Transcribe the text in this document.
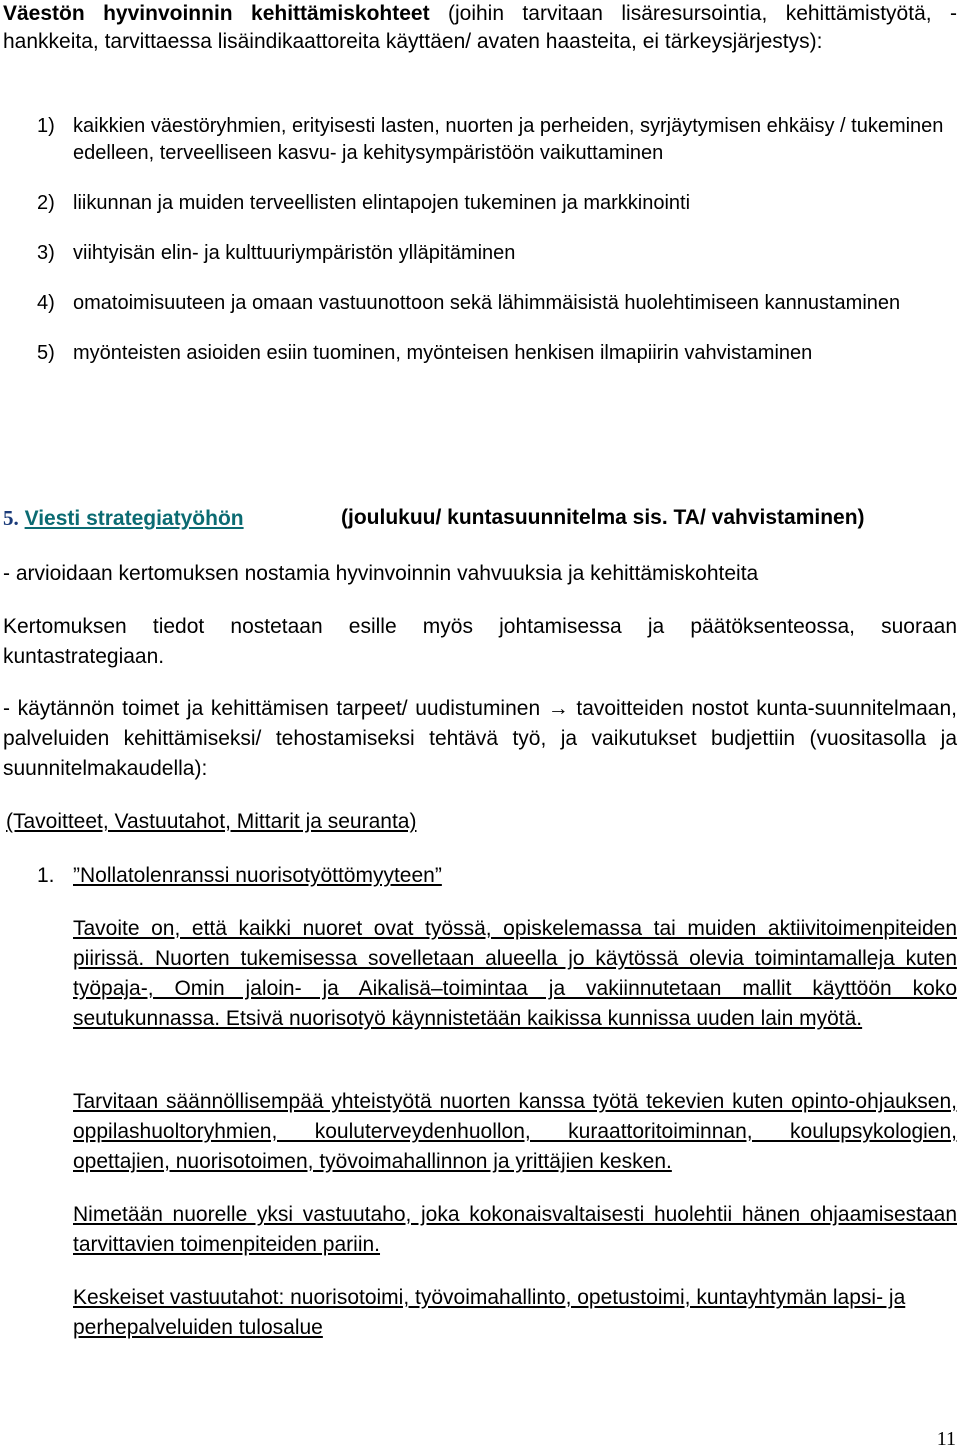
Väestön hyvinvoinnin kehittämiskohteet (joihin tarvitaan lisäresursointia, kehittämistyötä, -hankkeita, tarvittaessa lisäindikaattoreita käyttäen/ avaten haasteita, ei tärkeysjärjestys):
1) kaikkien väestöryhmien, erityisesti lasten, nuorten ja perheiden, syrjäytymisen ehkäisy / tukeminen edelleen, terveelliseen kasvu- ja kehitysympäristöön vaikuttaminen
2) liikunnan ja muiden terveellisten elintapojen tukeminen ja markkinointi
3) viihtyisän elin- ja kulttuuriympäristön ylläpitäminen
4) omatoimisuuteen ja omaan vastuunottoon sekä lähimmäisistä huolehtimiseen kannustaminen
5) myönteisten asioiden esiin tuominen, myönteisen henkisen ilmapiirin vahvistaminen
5. Viesti strategiatyöhön	(joulukuu/ kuntasuunnitelma sis. TA/ vahvistaminen)
- arvioidaan kertomuksen nostamia hyvinvoinnin vahvuuksia ja kehittämiskohteita
Kertomuksen tiedot nostetaan esille myös johtamisessa ja päätöksenteossa, suoraan kuntastrategiaan.
- käytännön toimet ja kehittämisen tarpeet/ uudistuminen → tavoitteiden nostot kunta-suunnitelmaan, palveluiden kehittämiseksi/ tehostamiseksi tehtävä työ, ja vaikutukset budjettiin (vuositasolla ja suunnitelmakaudella):
(Tavoitteet, Vastuutahot, Mittarit ja seuranta)
1. ”Nollatolenranssi nuorisotyöttömyyteen”
Tavoite on, että kaikki nuoret ovat työssä, opiskelemassa tai muiden aktiivitoimenpiteiden piirissä. Nuorten tukemisessa sovelletaan alueella jo käytössä olevia toimintamalleja kuten työpaja-, Omin jaloin- ja Aikalisä–toimintaa ja vakiinnutetaan mallit käyttöön koko seutukunnassa. Etsivä nuorisotyö käynnistetään kaikissa kunnissa uuden lain myötä.
Tarvitaan säännöllisempää yhteistyötä nuorten kanssa työtä tekevien kuten opinto-ohjauksen, oppilashuoltoryhmien, kouluterveydenhuollon, kuraattoritoiminnan, koulupsykologien, opettajien, nuorisotoimen, työvoimahallinnon ja yrittäjien kesken.
Nimetään nuorelle yksi vastuutaho, joka kokonaisvaltaisesti huolehtii hänen ohjaamisestaan tarvittavien toimenpiteiden pariin.
Keskeiset vastuutahot: nuorisotoimi, työvoimahallinto, opetustoimi, kuntayhtymän lapsi- ja perhepalveluiden tulosalue
11
